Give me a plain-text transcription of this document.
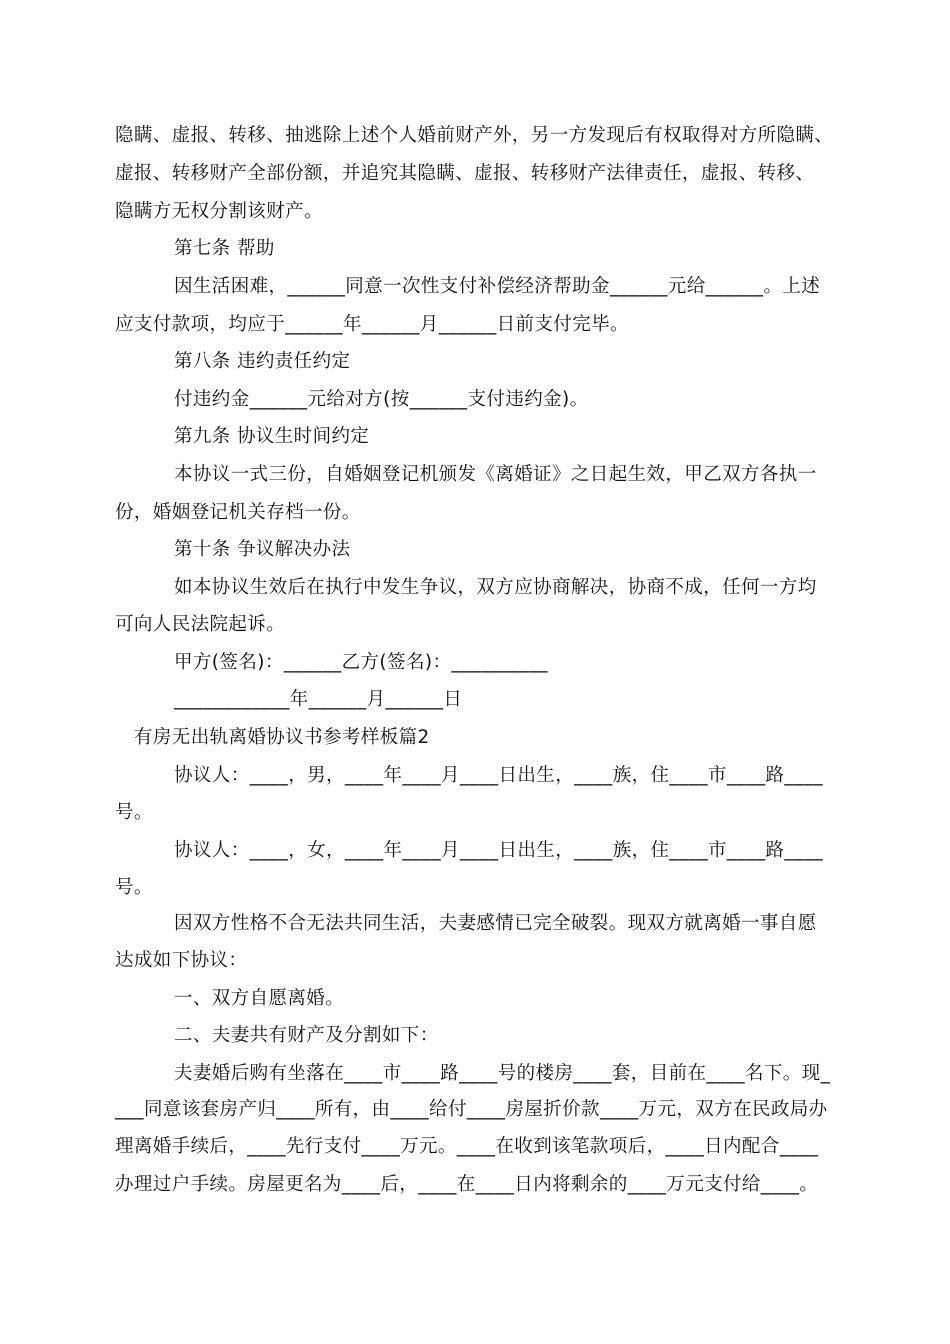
隐瞒、虚报、转移、抽逃除上述个人婚前财产外，另一方发现后有权取得对方所隐瞒、
虚报、转移财产全部份额，并追究其隐瞒、虚报、转移财产法律责任，虚报、转移、
隐瞒方无权分割该财产。
第七条 帮助
因生活困难，______同意一次性支付补偿经济帮助金______元给______。上述
应支付款项，均应于______年______月______日前支付完毕。
第八条 违约责任约定
付违约金______元给对方(按______支付违约金)。
第九条 协议生时间约定
本协议一式三份，自婚姻登记机颁发《离婚证》之日起生效，甲乙双方各执一
份，婚姻登记机关存档一份。
第十条 争议解决办法
如本协议生效后在执行中发生争议，双方应协商解决，协商不成，任何一方均
可向人民法院起诉。
甲方(签名)：______乙方(签名)：__________
____________年______月______日
有房无出轨离婚协议书参考样板篇2
协议人：____，男，____年____月____日出生，____族，住____市____路____
号。
协议人：____，女，____年____月____日出生，____族，住____市____路____
号。
因双方性格不合无法共同生活，夫妻感情已完全破裂。现双方就离婚一事自愿
达成如下协议：
一、双方自愿离婚。
二、夫妻共有财产及分割如下：
夫妻婚后购有坐落在____市____路____号的楼房____套，目前在____名下。现_
___同意该套房产归____所有，由____给付____房屋折价款____万元，双方在民政局办
理离婚手续后，____先行支付____万元。____在收到该笔款项后，____日内配合____
办理过户手续。房屋更名为____后，____在____日内将剩余的____万元支付给____。
